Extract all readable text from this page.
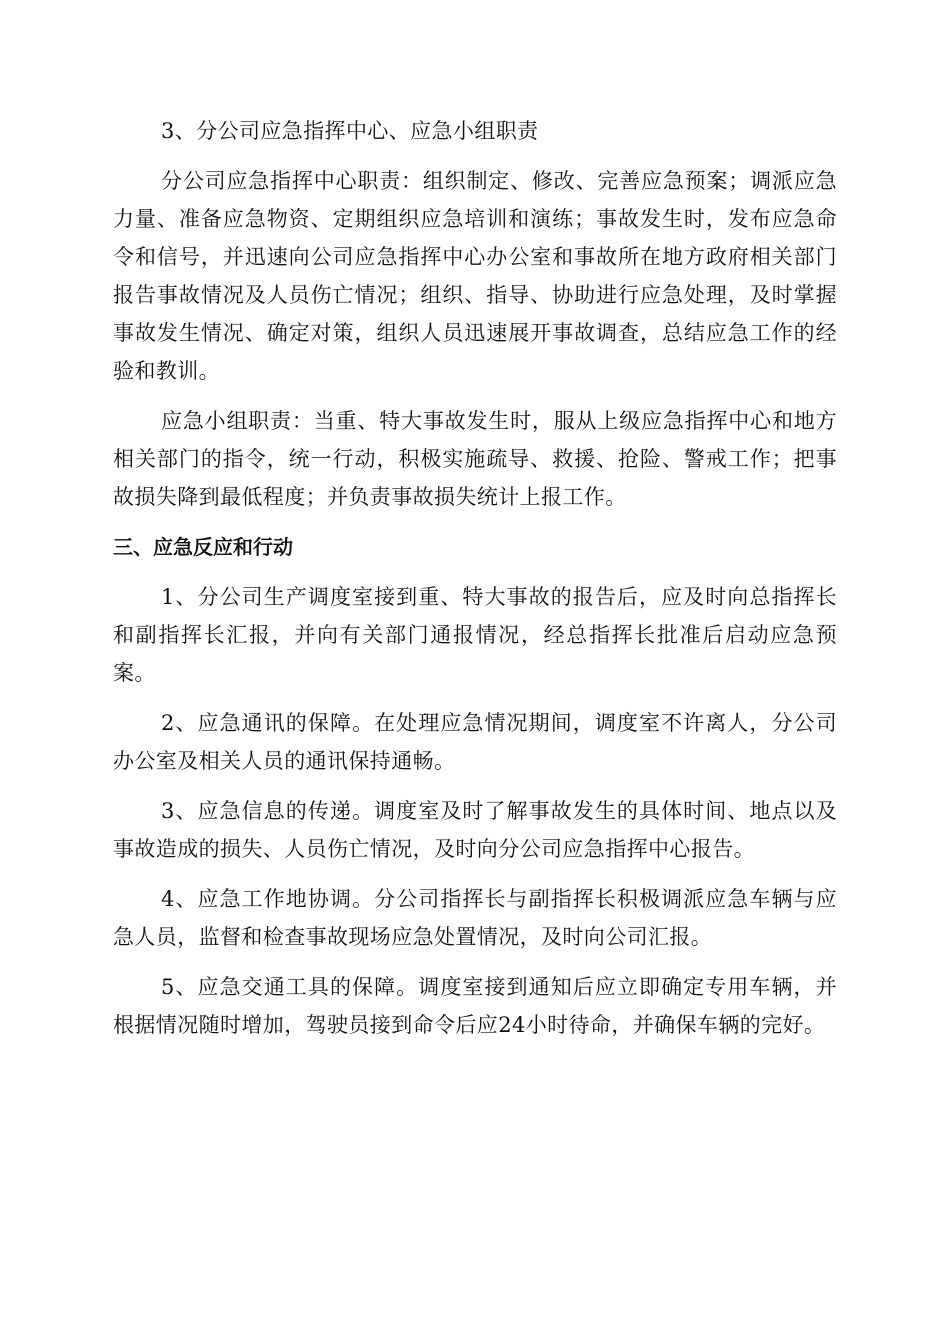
3、分公司应急指挥中心、应急小组职责

分公司应急指挥中心职责：组织制定、修改、完善应急预案；调派应急力量、准备应急物资、定期组织应急培训和演练；事故发生时，发布应急命令和信号，并迅速向公司应急指挥中心办公室和事故所在地方政府相关部门报告事故情况及人员伤亡情况；组织、指导、协助进行应急处理，及时掌握事故发生情况、确定对策，组织人员迅速展开事故调查，总结应急工作的经验和教训。

应急小组职责：当重、特大事故发生时，服从上级应急指挥中心和地方相关部门的指令，统一行动，积极实施疏导、救援、抢险、警戒工作；把事故损失降到最低程度；并负责事故损失统计上报工作。

三、应急反应和行动

1、分公司生产调度室接到重、特大事故的报告后，应及时向总指挥长和副指挥长汇报，并向有关部门通报情况，经总指挥长批准后启动应急预案。

2、应急通讯的保障。在处理应急情况期间，调度室不许离人，分公司办公室及相关人员的通讯保持通畅。

3、应急信息的传递。调度室及时了解事故发生的具体时间、地点以及事故造成的损失、人员伤亡情况，及时向分公司应急指挥中心报告。

4、应急工作地协调。分公司指挥长与副指挥长积极调派应急车辆与应急人员，监督和检查事故现场应急处置情况，及时向公司汇报。

5、应急交通工具的保障。调度室接到通知后应立即确定专用车辆，并根据情况随时增加，驾驶员接到命令后应24小时待命，并确保车辆的完好。
